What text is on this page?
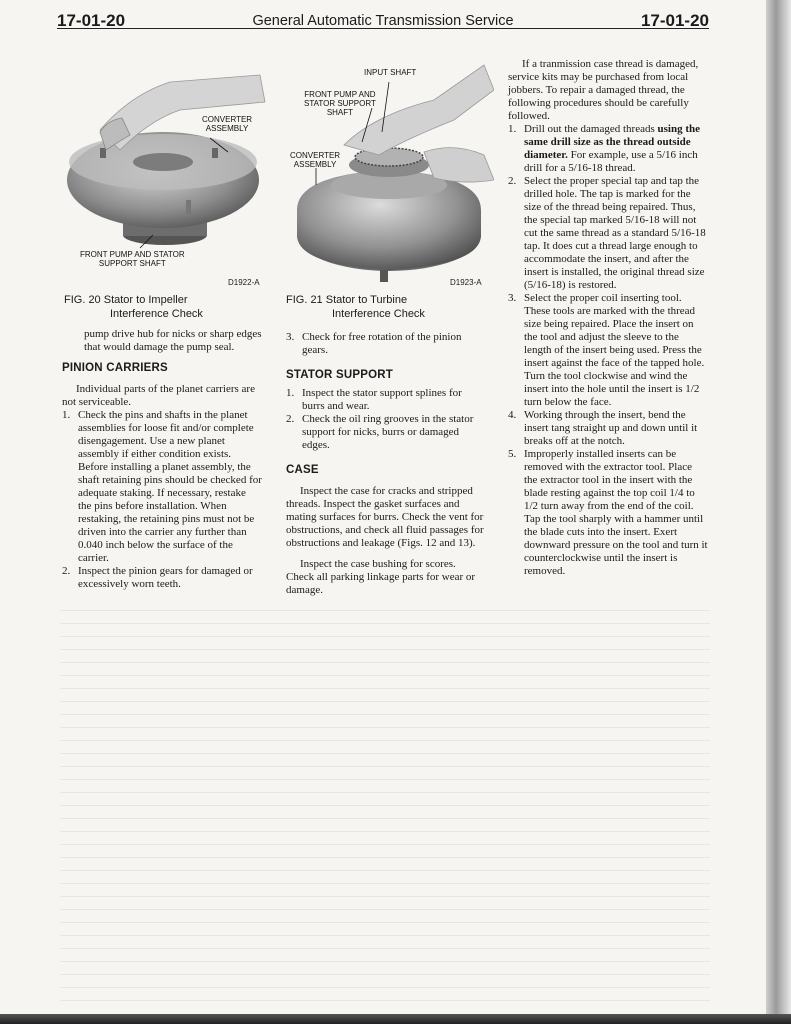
17-01-20	General Automatic Transmission Service	17-01-20
CONVERTER
ASSEMBLY
FRONT PUMP AND STATOR
SUPPORT SHAFT
D1922-A
FIG. 20 Stator to Impeller
Interference Check
INPUT SHAFT
FRONT PUMP AND
STATOR SUPPORT
SHAFT
CONVERTER
ASSEMBLY
D1923-A
FIG. 21 Stator to Turbine
Interference Check

pump drive hub for nicks or sharp edges that would damage the pump seal.

PINION CARRIERS

Individual parts of the planet carriers are not serviceable.

1. Check the pins and shafts in the planet assemblies for loose fit and/or complete disengagement. Use a new planet assembly if either condition exists. Before installing a planet assembly, the shaft retaining pins should be checked for adequate staking. If necessary, restake the pins before installation. When restaking, the retaining pins must not be driven into the carrier any further than 0.040 inch below the surface of the carrier.
2. Inspect the pinion gears for damaged or excessively worn teeth.
3. Check for free rotation of the pinion gears.
STATOR SUPPORT
1. Inspect the stator support splines for burrs and wear.
2. Check the oil ring grooves in the stator support for nicks, burrs or damaged edges.
CASE

Inspect the case for cracks and stripped threads. Inspect the gasket surfaces and mating surfaces for burrs. Check the vent for obstructions, and check all fluid passages for obstructions and leakage (Figs. 12 and 13).

Inspect the case bushing for scores. Check all parking linkage parts for wear or damage.

If a tranmission case thread is damaged, service kits may be purchased from local jobbers. To repair a damaged thread, the following procedures should be carefully followed.

1. Drill out the damaged threads using the same drill size as the thread outside diameter. For example, use a 5/16 inch drill for a 5/16-18 thread.
2. Select the proper special tap and tap the drilled hole. The tap is marked for the size of the thread being repaired. Thus, the special tap marked 5/16-18 will not cut the same thread as a standard 5/16-18 tap. It does cut a thread large enough to accommodate the insert, and after the insert is installed, the original thread size (5/16-18) is restored.
3. Select the proper coil inserting tool. These tools are marked with the thread size being repaired. Place the insert on the tool and adjust the sleeve to the length of the insert being used. Press the insert against the face of the tapped hole. Turn the tool clockwise and wind the insert into the hole until the insert is 1/2 turn below the face.
4. Working through the insert, bend the insert tang straight up and down until it breaks off at the notch.
5. Improperly installed inserts can be removed with the extractor tool. Place the extractor tool in the insert with the blade resting against the top coil 1/4 to 1/2 turn away from the end of the coil. Tap the tool sharply with a hammer until the blade cuts into the insert. Exert downward pressure on the tool and turn it counterclockwise until the insert is removed.
